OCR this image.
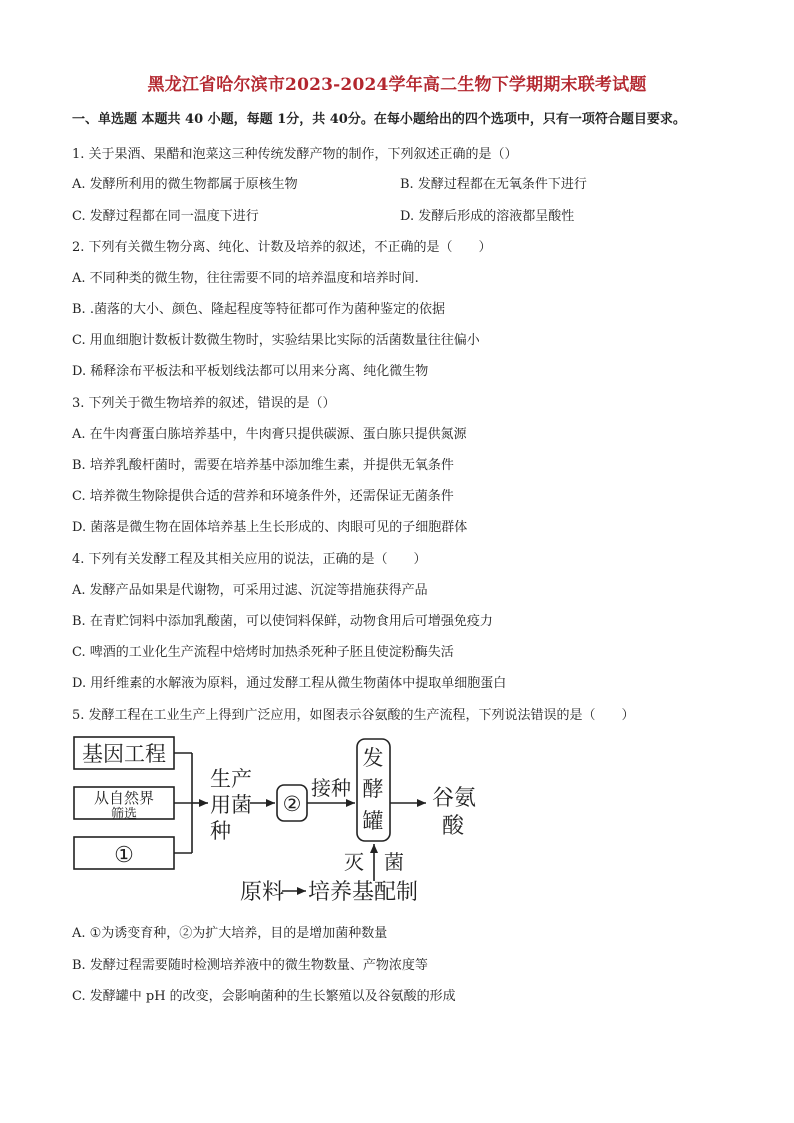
黑龙江省哈尔滨市2023-2024学年高二生物下学期期末联考试题
一、单选题 本题共 40 小题，每题 1分，共 40分。在每小题给出的四个选项中，只有一项符合题目要求。
1. 关于果酒、果醋和泡菜这三种传统发酵产物的制作，下列叙述正确的是（）
A. 发酵所利用的微生物都属于原核生物	B. 发酵过程都在无氧条件下进行
C. 发酵过程都在同一温度下进行	D. 发酵后形成的溶液都呈酸性
2. 下列有关微生物分离、纯化、计数及培养的叙述，不正确的是（　　）
A. 不同种类的微生物，往往需要不同的培养温度和培养时间.
B. .菌落的大小、颜色、隆起程度等特征都可作为菌种鉴定的依据
C. 用血细胞计数板计数微生物时，实验结果比实际的活菌数量往往偏小
D. 稀释涂布平板法和平板划线法都可以用来分离、纯化微生物
3. 下列关于微生物培养的叙述，错误的是（）
A. 在牛肉膏蛋白胨培养基中，牛肉膏只提供碳源、蛋白胨只提供氮源
B. 培养乳酸杆菌时，需要在培养基中添加维生素，并提供无氧条件
C. 培养微生物除提供合适的营养和环境条件外，还需保证无菌条件
D. 菌落是微生物在固体培养基上生长形成的、肉眼可见的子细胞群体
4. 下列有关发酵工程及其相关应用的说法，正确的是（　　）
A. 发酵产品如果是代谢物，可采用过滤、沉淀等措施获得产品
B. 在青贮饲料中添加乳酸菌，可以使饲料保鲜，动物食用后可增强免疫力
C. 啤酒的工业化生产流程中焙烤时加热杀死种子胚且使淀粉酶失活
D. 用纤维素的水解液为原料，通过发酵工程从微生物菌体中提取单细胞蛋白
5. 发酵工程在工业生产上得到广泛应用，如图表示谷氨酸的生产流程，下列说法错误的是（　　）
基因工程
从自然界
筛选
①
生产
用菌
种
②
接种
发
酵
罐
谷氨
酸
灭　菌
原料 培养基配制
A. ①为诱变育种，②为扩大培养，目的是增加菌种数量
B. 发酵过程需要随时检测培养液中的微生物数量、产物浓度等
C. 发酵罐中 pH 的改变，会影响菌种的生长繁殖以及谷氨酸的形成
